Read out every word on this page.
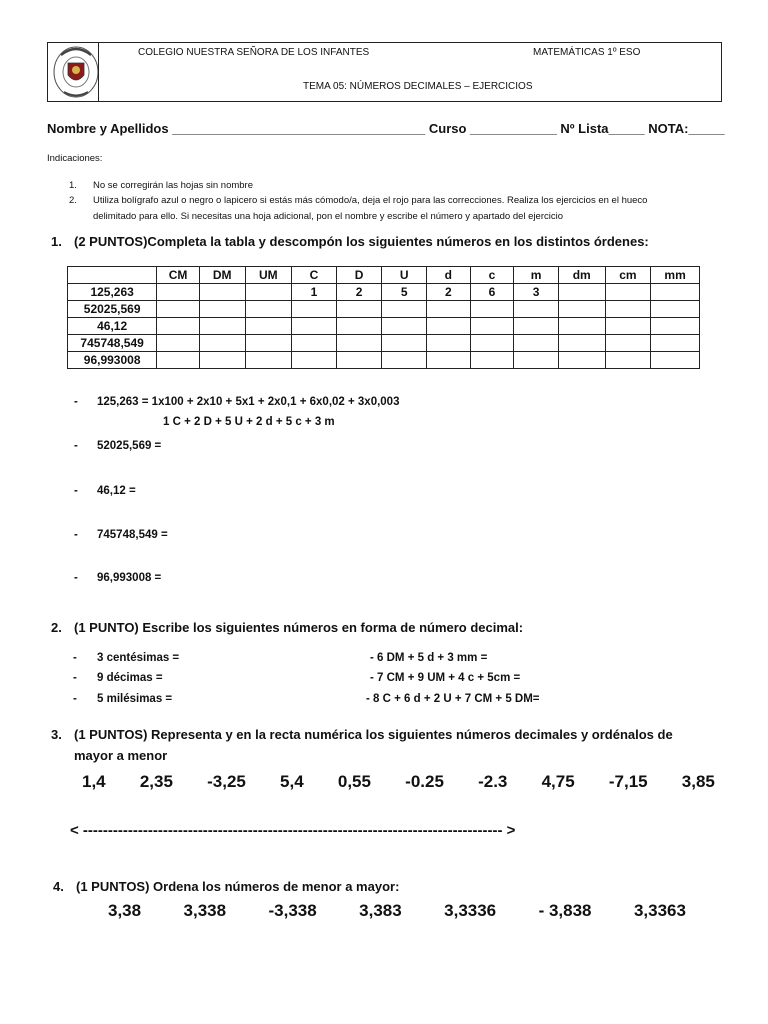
COLEGIO NUESTRA SEÑORA DE LOS INFANTES	MATEMÁTICAS 1º ESO
TEMA 05: NÚMEROS DECIMALES – EJERCICIOS
Nombre y Apellidos ___________________________________ Curso ____________ Nº Lista_____ NOTA:_____
Indicaciones:
1. No se corregirán las hojas sin nombre
2. Utiliza bolígrafo azul o negro o lapicero si estás más cómodo/a, deja el rojo para las correcciones. Realiza los ejercicios en el hueco
delimitado para ello. Si necesitas una hoja adicional, pon el nombre y escribe el número y apartado del ejercicio
1. (2 PUNTOS)Completa la tabla y descompón los siguientes números en los distintos órdenes:
	CM	DM	UM	C	D	U	d	c	m	dm	cm	mm
125,263				1	2	5	2	6	3			
52025,569												
46,12												
745748,549												
96,993008												
- 125,263 = 1x100 + 2x10 + 5x1 + 2x0,1 + 6x0,02 + 3x0,003
1 C + 2 D + 5 U + 2 d + 5 c + 3 m
- 52025,569 =
- 46,12 =
- 745748,549 =
- 96,993008 =
2. (1 PUNTO) Escribe los siguientes números en forma de número decimal:
- 3 centésimas =
- 9 décimas =
- 5 milésimas =
- 6 DM + 5 d + 3 mm =
- 7 CM + 9 UM + 4 c + 5cm =
- 8 C + 6 d + 2 U + 7 CM + 5 DM=
3. (1 PUNTOS) Representa y en la recta numérica los siguientes números decimales y ordénalos de
mayor a menor
1,4 2,35 -3,25 5,4 0,55 -0.25 -2.3 4,75 -7,15 3,85
< ------------------------------------------------------------------------------------ >
4. (1 PUNTOS) Ordena los números de menor a mayor:
3,38 3,338 -3,338 3,383 3,3336 - 3,838 3,3363
